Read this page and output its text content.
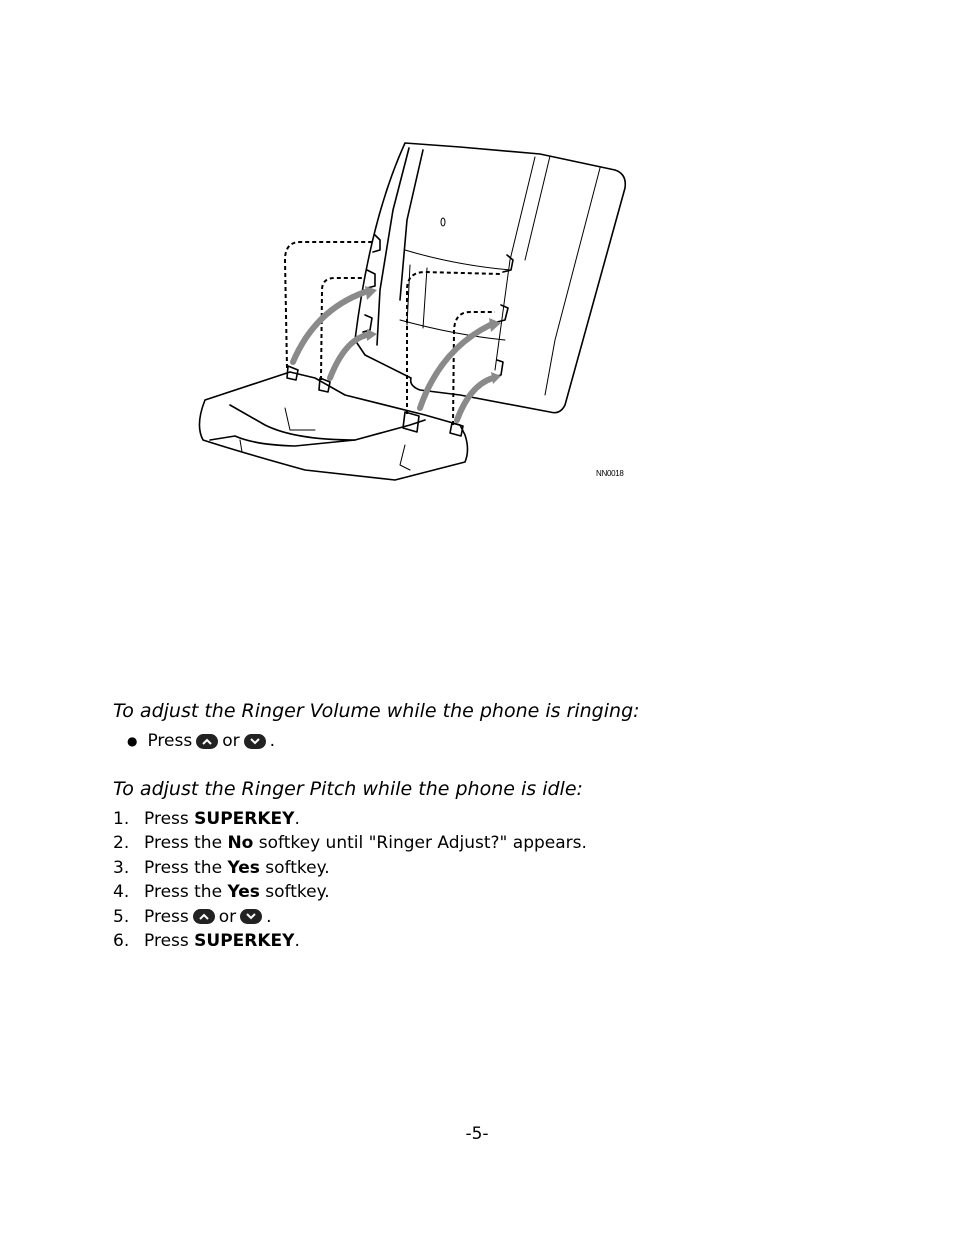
NN0018
To adjust the Ringer Volume while the phone is ringing:
● Press or .
To adjust the Ringer Pitch while the phone is idle:
1. Press SUPERKEY .
2. Press the No softkey until "Ringer Adjust?" appears.
3. Press the Yes softkey.
4. Press the Yes softkey.
5. Press or .
6. Press SUPERKEY .
-5-
